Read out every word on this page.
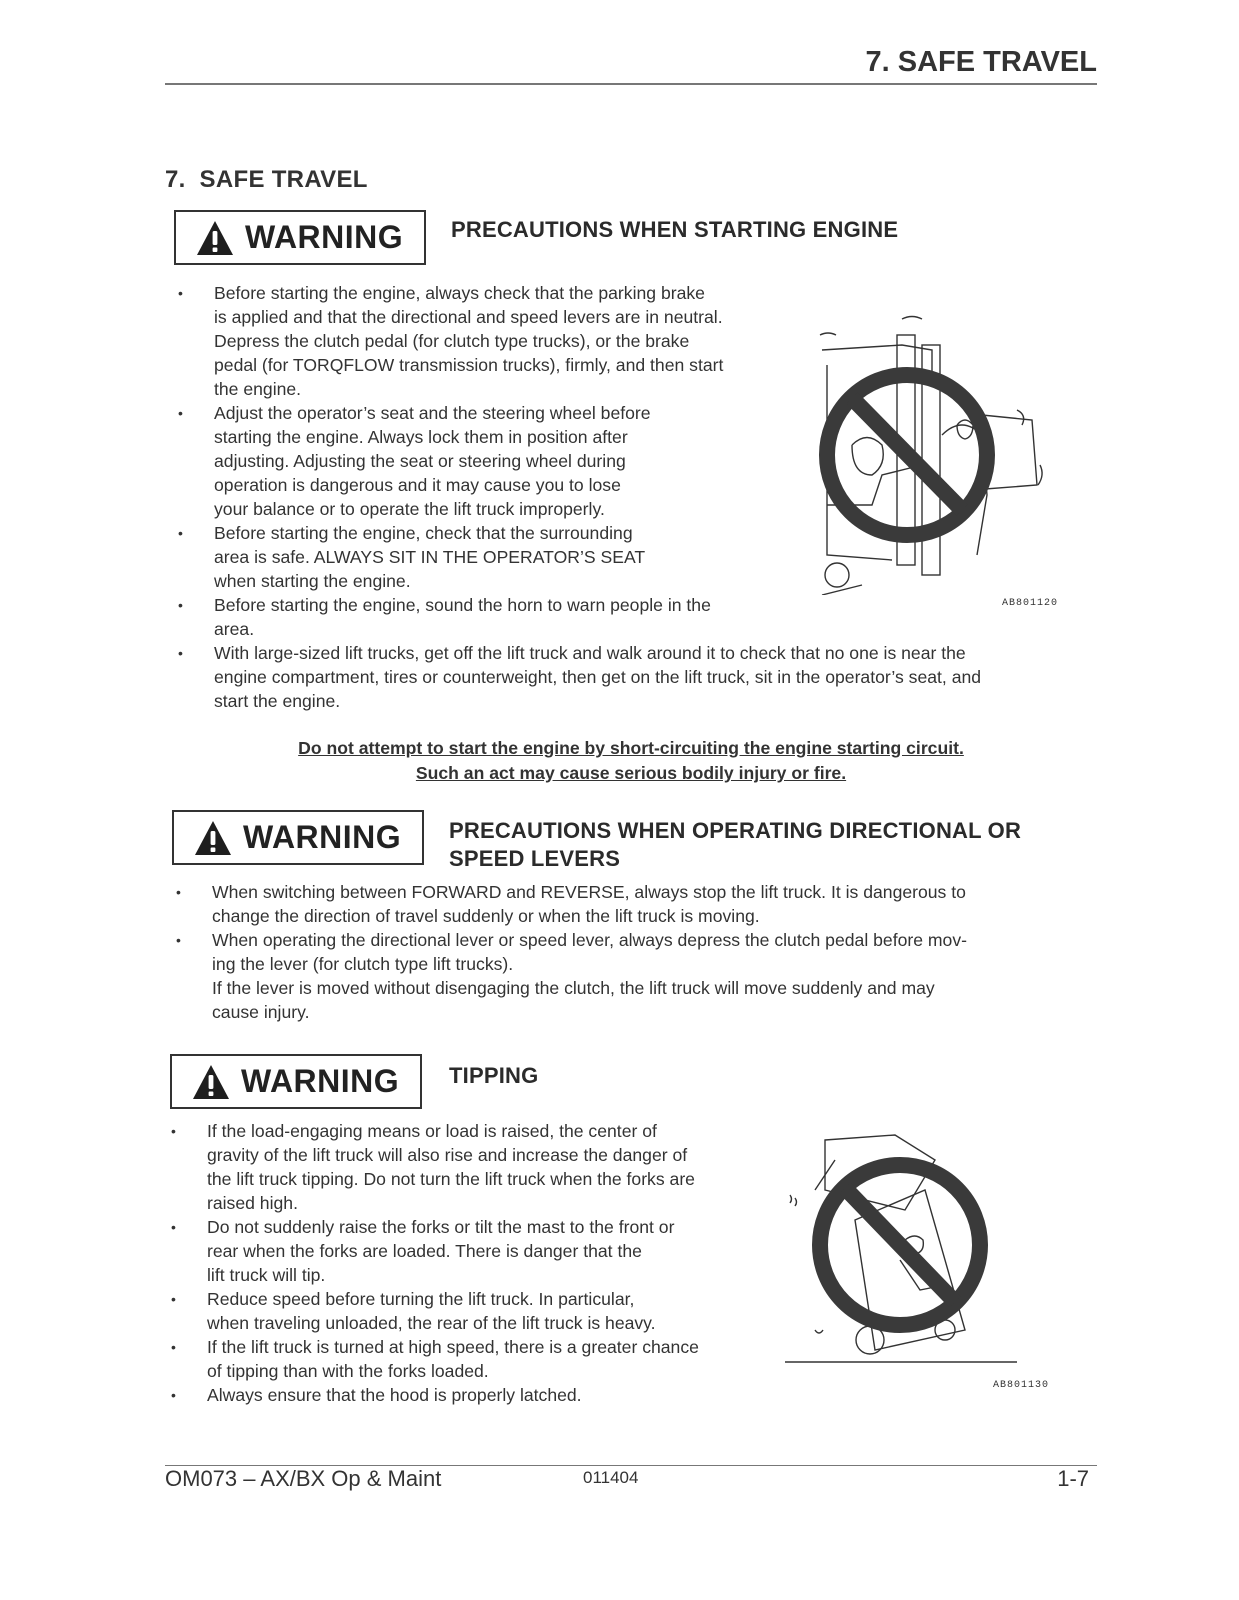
7. SAFE TRAVEL
7.  SAFE TRAVEL
WARNING PRECAUTIONS WHEN STARTING ENGINE
• Before starting the engine, always check that the parking brake
is applied and that the directional and speed levers are in neutral.
Depress the clutch pedal (for clutch type trucks), or the brake
pedal (for TORQFLOW transmission trucks), firmly, and then start
the engine.
• Adjust the operator’s seat and the steering wheel before
starting the engine. Always lock them in position after
adjusting. Adjusting the seat or steering wheel during
operation is dangerous and it may cause you to lose
your balance or to operate the lift truck improperly.
• Before starting the engine, check that the surrounding
area is safe. ALWAYS SIT IN THE OPERATOR’S SEAT
when starting the engine.
• Before starting the engine, sound the horn to warn people in the
area.
• With large-sized lift trucks, get off the lift truck and walk around it to check that no one is near the
engine compartment, tires or counterweight, then get on the lift truck, sit in the operator’s seat, and
start the engine.
AB801120
Do not attempt to start the engine by short-circuiting the engine starting circuit.
Such an act may cause serious bodily injury or fire.
WARNING PRECAUTIONS WHEN OPERATING DIRECTIONAL OR
SPEED LEVERS
• When switching between FORWARD and REVERSE, always stop the lift truck. It is dangerous to
change the direction of travel suddenly or when the lift truck is moving.
• When operating the directional lever or speed lever, always depress the clutch pedal before mov-
ing the lever (for clutch type lift trucks).
If the lever is moved without disengaging the clutch, the lift truck will move suddenly and may
cause injury.
WARNING TIPPING
• If the load-engaging means or load is raised, the center of
gravity of the lift truck will also rise and increase the danger of
the lift truck tipping. Do not turn the lift truck when the forks are
raised high.
• Do not suddenly raise the forks or tilt the mast to the front or
rear when the forks are loaded. There is danger that the
lift truck will tip.
• Reduce speed before turning the lift truck. In particular,
when traveling unloaded, the rear of the lift truck is heavy.
• If the lift truck is turned at high speed, there is a greater chance
of tipping than with the forks loaded.
• Always ensure that the hood is properly latched.	AB801130
OM073 – AX/BX Op & Maint	011404	1-7
